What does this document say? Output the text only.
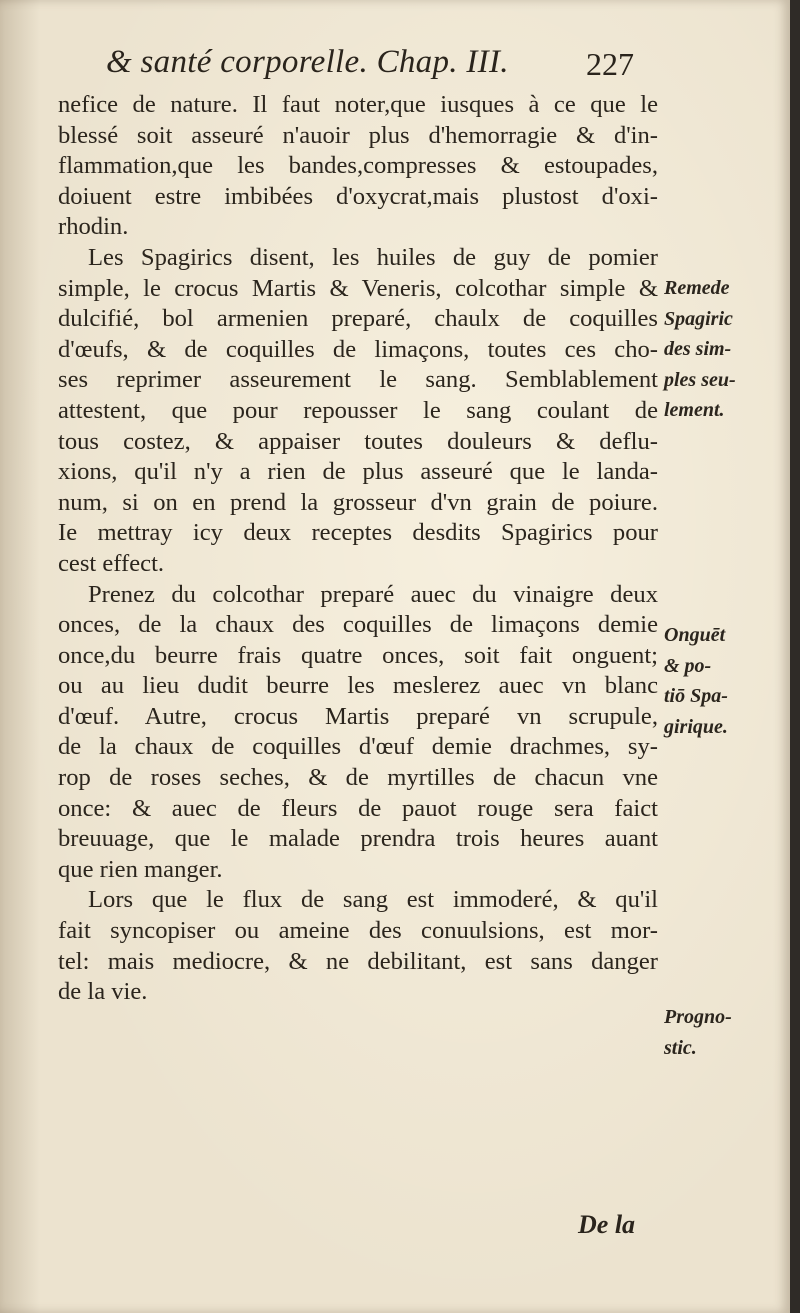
& santé corporelle. Chap. III. 227

nefice de nature. Il faut noter,que iusques à ce que le
blessé soit asseuré n'auoir plus d'hemorragie & d'in-
flammation,que les bandes,compresses & estoupades,
doiuent estre imbibées d'oxycrat,mais plustost d'oxi-
rhodin.

Les Spagirics disent, les huiles de guy de pomier
simple, le crocus Martis & Veneris, colcothar simple &
dulcifié, bol armenien preparé, chaulx de coquilles
d'œufs, & de coquilles de limaçons, toutes ces cho-
ses reprimer asseurement le sang. Semblablement
attestent, que pour repousser le sang coulant de
tous costez, & appaiser toutes douleurs & deflu-
xions, qu'il n'y a rien de plus asseuré que le landa-
num, si on en prend la grosseur d'vn grain de poiure.
Ie mettray icy deux receptes desdits Spagirics pour
cest effect.

Prenez du colcothar preparé auec du vinaigre deux
onces, de la chaux des coquilles de limaçons demie
once,du beurre frais quatre onces, soit fait onguent;
ou au lieu dudit beurre les meslerez auec vn blanc
d'œuf. Autre, crocus Martis preparé vn scrupule,
de la chaux de coquilles d'œuf demie drachmes, sy-
rop de roses seches, & de myrtilles de chacun vne
once: & auec de fleurs de pauot rouge sera faict
breuuage, que le malade prendra trois heures auant
que rien manger.

Lors que le flux de sang est immoderé, & qu'il
fait syncopiser ou ameine des conuulsions, est mor-
tel: mais mediocre, & ne debilitant, est sans danger
de la vie.

Remede
Spagiric
des sim-
ples seu-
lement.
Onguēt
& po-
tiō Spa-
girique.
Progno-
stic.
De la
